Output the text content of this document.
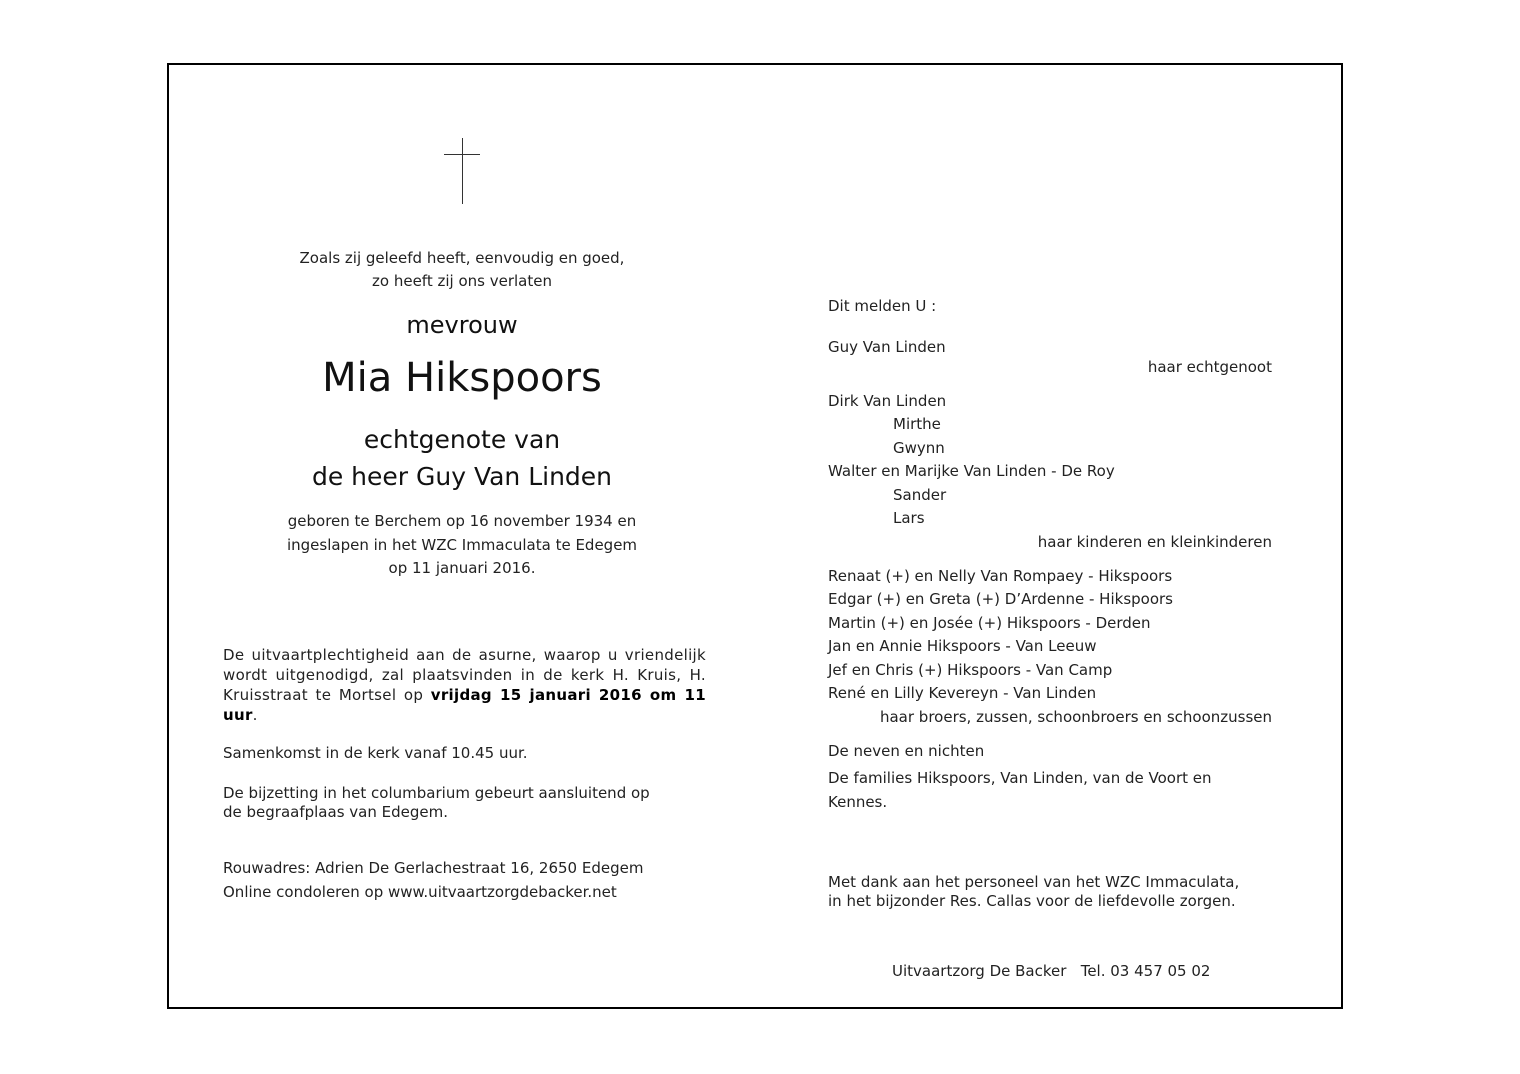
Zoals zij geleefd heeft, eenvoudig en goed,
zo heeft zij ons verlaten
mevrouw
Mia Hikspoors
echtgenote van
de heer Guy Van Linden
geboren te Berchem op 16 november 1934 en
ingeslapen in het WZC Immaculata te Edegem
op 11 januari 2016.
De uitvaartplechtigheid aan de asurne, waarop u vriendelijk wordt uitgenodigd, zal plaatsvinden in de kerk H. Kruis, H. Kruisstraat te Mortsel op vrijdag 15 januari 2016 om 11 uur.
Samenkomst in de kerk vanaf 10.45 uur.
De bijzetting in het columbarium gebeurt aansluitend op
de begraafplaas van Edegem.
Rouwadres: Adrien De Gerlachestraat 16, 2650 Edegem
Online condoleren op www.uitvaartzorgdebacker.net
Dit melden U :
Guy Van Linden
haar echtgenoot
Dirk Van Linden
Mirthe
Gwynn
Walter en Marijke Van Linden - De Roy
Sander
Lars
haar kinderen en kleinkinderen
Renaat (+) en Nelly Van Rompaey - Hikspoors
Edgar (+) en Greta (+) D’Ardenne - Hikspoors
Martin (+) en Josée (+) Hikspoors - Derden
Jan en Annie Hikspoors - Van Leeuw
Jef en Chris (+) Hikspoors - Van Camp
René en Lilly Kevereyn - Van Linden
haar broers, zussen, schoonbroers en schoonzussen
De neven en nichten
De families Hikspoors, Van Linden, van de Voort en
Kennes.
Met dank aan het personeel van het WZC Immaculata,
in het bijzonder Res. Callas voor de liefdevolle zorgen.
Uitvaartzorg De Backer   Tel. 03 457 05 02
